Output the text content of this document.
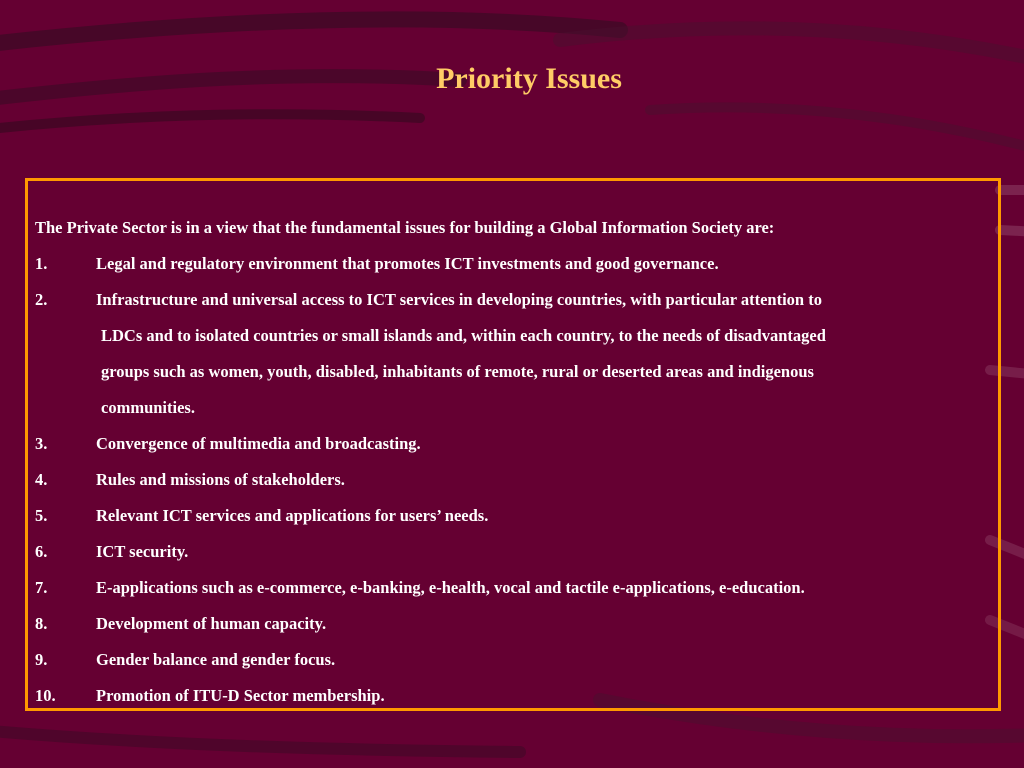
Priority Issues
The Private Sector is in a view that the fundamental issues for building a Global Information Society are:
1.	Legal and regulatory environment that promotes ICT investments and good governance.
2.	Infrastructure and universal access to ICT services in developing countries, with particular attention to
LDCs and to isolated countries or small islands and, within each country, to the needs of disadvantaged
groups such as women, youth, disabled, inhabitants of remote, rural or deserted areas and indigenous
communities.
3.	Convergence of multimedia and broadcasting.
4.	Rules and missions of stakeholders.
5.	Relevant ICT services and applications for users’ needs.
6.	ICT security.
7.	E-applications such as e-commerce, e-banking, e-health, vocal and tactile e-applications, e-education.
8.	Development of human capacity.
9.	Gender balance and gender focus.
10. Promotion of ITU-D Sector membership.
